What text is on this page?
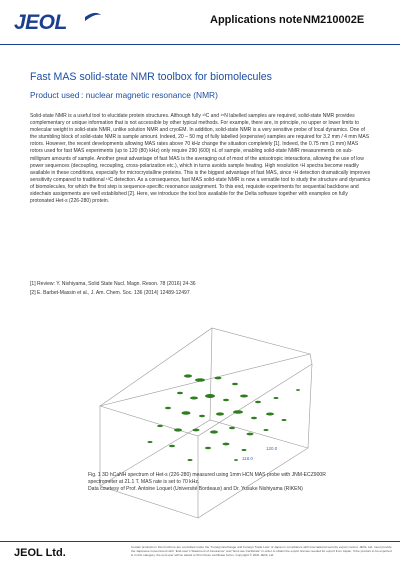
JEOL	Applications note NM210002E
Fast MAS solid-state NMR toolbox for biomolecules
Product used : nuclear magnetic resonance (NMR)

Solid-state NMR is a useful tool to elucidate protein structures. Although fully ¹³C and ¹⁵N labelled samples are required, solid-state NMR provides complementary or unique information that is not accessible by other typical methods. For example, there are, in principle, no upper or lower limits to molecular weight in solid-state NMR, unlike solution NMR and cryoEM. In addition, solid-state NMR is a very sensitive probe of local dynamics. One of the stumbling block of solid-state NMR is sample amount. Indeed, 20 – 50 mg of fully labelled (expensive) samples are required for 3.2 mm / 4 mm MAS rotors. However, the recent developments allowing MAS rates above 70 kHz change the situation completely [1]. Indeed, the 0.75 mm (1 mm) MAS rotors used for fast MAS experiments (up to 120 (80) kHz) only require 290 (600) nL of sample, enabling solid-state NMR measurements on sub-milligram amounts of sample. Another great advantage of fast MAS is the averaging out of most of the anisotropic interactions, allowing the use of low power sequences (decoupling, recoupling, cross-polarization etc.), which in turns avoids sample heating. High resolution ¹H spectra become readily available in these conditions, especially for microcrystalline proteins. This is the biggest advantage of fast MAS, since ¹H detection dramatically improves sensitivity compared to traditional ¹³C detection. As a consequence, fast MAS solid-state NMR is now a versatile tool to study the structure and dynamics of biomolecules, for which the first step is sequence-specific resonance assignment. To this end, requisite experiments for sequential backbone and sidechain assignments are well established [2]. Here, we introduce the tool box available for the Delta software together with examples on fully protonated Het-s (226-280) protein.

[1] Review: Y. Nishiyama, Solid State Nucl. Magn. Reson. 78 (2016) 24-36
[2] E. Barbet-Massin et al., J. Am. Chem. Soc. 136 (2014) 12489-12497
120.0
118.0
Fig. 1 3D hCaNH spectrum of Het-s (226-280) measured using 1mm HCN MAS probe with JNM-ECZ900R
spectrometer at 21.1 T. MAS rate is set to 70 kHz.
Data courtesy of Prof. Antoine Loquet (Université Bordeaux) and Dr. Yusuke Nishiyama (RIKEN)
JEOL Ltd.	Certain products in this brochure are controlled under the “Foreign Exchange and Foreign Trade Law” of Japan in compliance with international security export control. JEOL Ltd. must provide the Japanese Government with “End-user’s Statement of Assurance” and “End-use Certificate” in order to obtain the export license needed for export from Japan. If the product to be exported is in this category, the end user will be asked to fill in these certificate forms. Copyright © 2021 JEOL Ltd.
